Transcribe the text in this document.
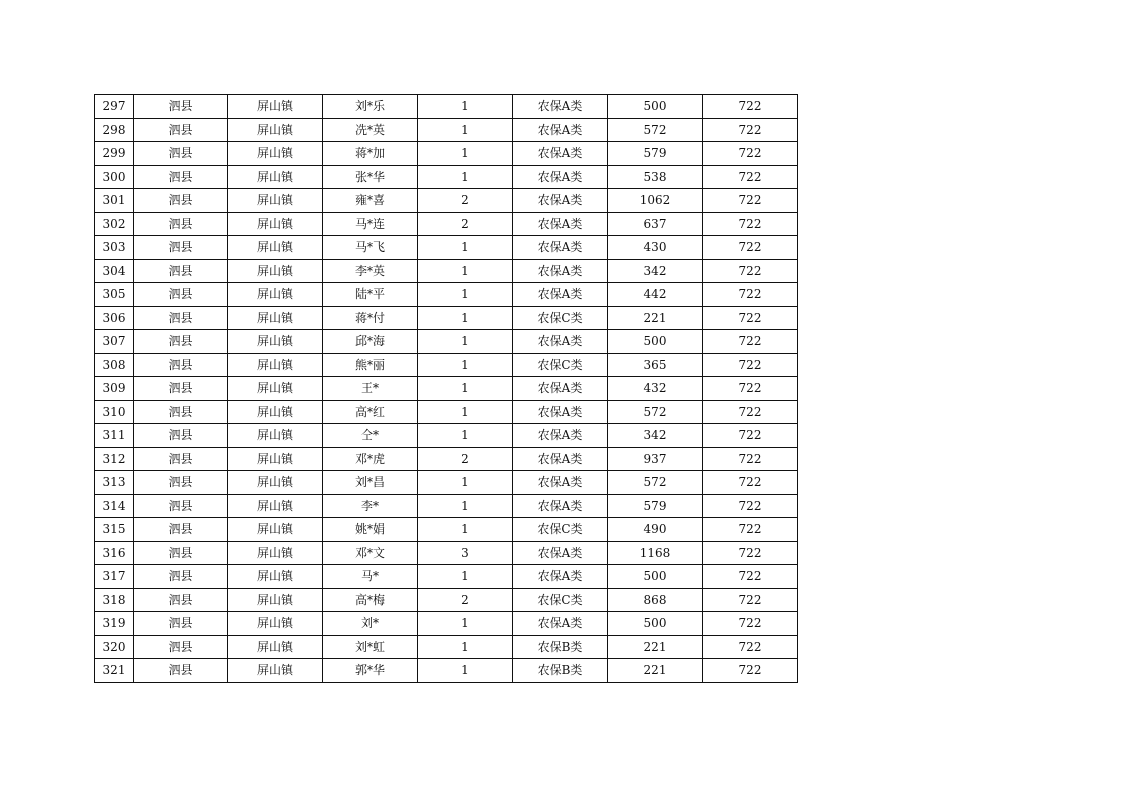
297	泗县	屏山镇	刘*乐	1	农保A类	500	722
298	泗县	屏山镇	冼*英	1	农保A类	572	722
299	泗县	屏山镇	蒋*加	1	农保A类	579	722
300	泗县	屏山镇	张*华	1	农保A类	538	722
301	泗县	屏山镇	雍*喜	2	农保A类	1062	722
302	泗县	屏山镇	马*连	2	农保A类	637	722
303	泗县	屏山镇	马*飞	1	农保A类	430	722
304	泗县	屏山镇	李*英	1	农保A类	342	722
305	泗县	屏山镇	陆*平	1	农保A类	442	722
306	泗县	屏山镇	蒋*付	1	农保C类	221	722
307	泗县	屏山镇	邱*海	1	农保A类	500	722
308	泗县	屏山镇	熊*丽	1	农保C类	365	722
309	泗县	屏山镇	王*	1	农保A类	432	722
310	泗县	屏山镇	高*红	1	农保A类	572	722
311	泗县	屏山镇	仝*	1	农保A类	342	722
312	泗县	屏山镇	邓*虎	2	农保A类	937	722
313	泗县	屏山镇	刘*昌	1	农保A类	572	722
314	泗县	屏山镇	李*	1	农保A类	579	722
315	泗县	屏山镇	姚*娟	1	农保C类	490	722
316	泗县	屏山镇	邓*文	3	农保A类	1168	722
317	泗县	屏山镇	马*	1	农保A类	500	722
318	泗县	屏山镇	高*梅	2	农保C类	868	722
319	泗县	屏山镇	刘*	1	农保A类	500	722
320	泗县	屏山镇	刘*虹	1	农保B类	221	722
321	泗县	屏山镇	郭*华	1	农保B类	221	722
